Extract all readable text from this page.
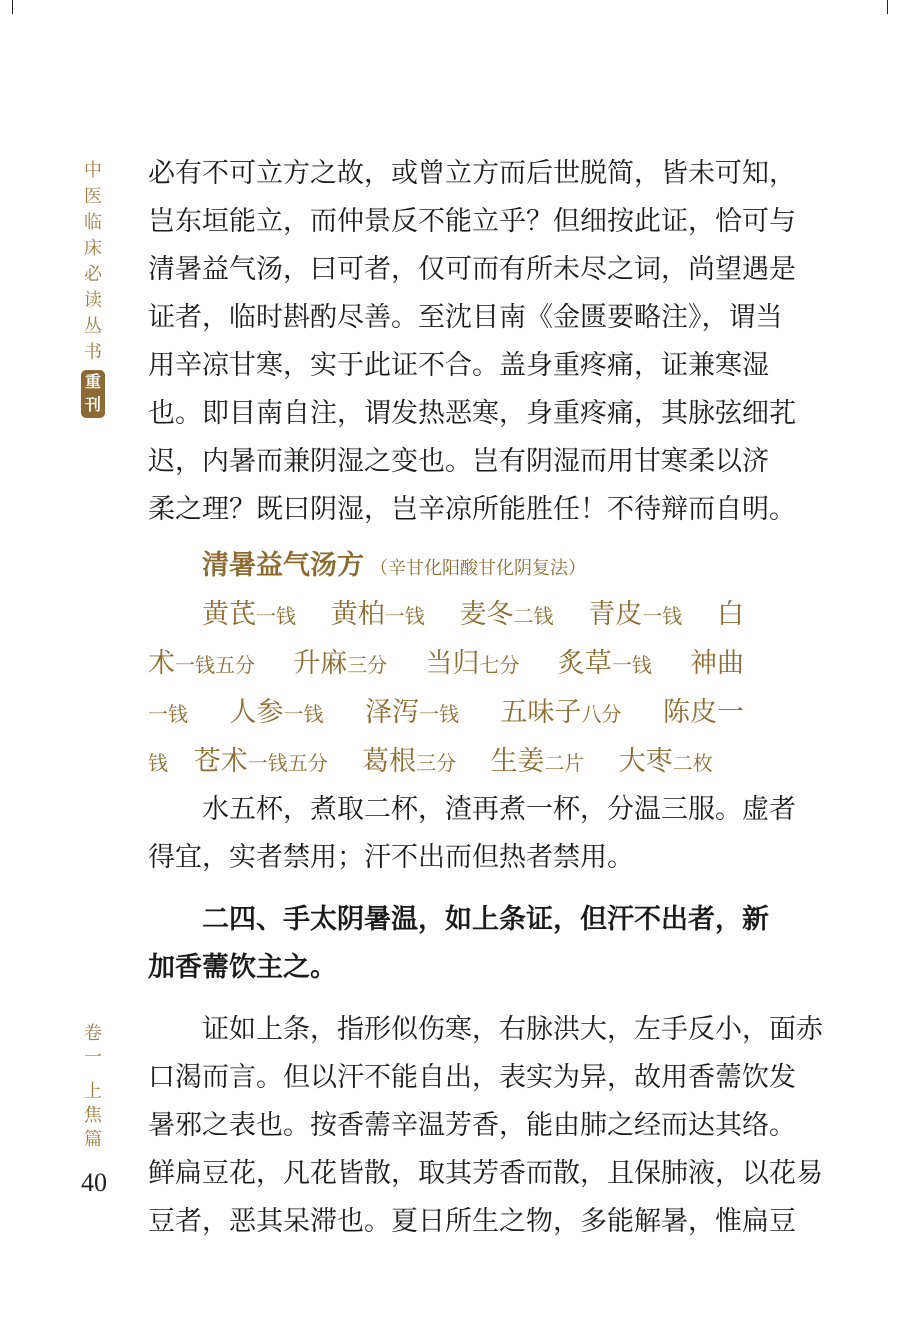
中
医
临
床
必
读
丛
书
重
刊
卷
一
上
焦
篇
40
必有不可立方之故，或曾立方而后世脱简，皆未可知，
岂东垣能立，而仲景反不能立乎？但细按此证，恰可与
清暑益气汤，曰可者，仅可而有所未尽之词，尚望遇是
证者，临时斟酌尽善。至沈目南《金匮要略注》，谓当
用辛凉甘寒，实于此证不合。盖身重疼痛，证兼寒湿
也。即目南自注，谓发热恶寒，身重疼痛，其脉弦细芤
迟，内暑而兼阴湿之变也。岂有阴湿而用甘寒柔以济
柔之理？既曰阴湿，岂辛凉所能胜任！不待辩而自明。
清暑益气汤方 （辛甘化阳酸甘化阴复法）
黄芪一钱 黄柏一钱 麦冬二钱 青皮一钱 白
术一钱五分 升麻三分 当归七分 炙草一钱 神曲
一钱 人参一钱 泽泻一钱 五味子八分 陈皮一
钱 苍术一钱五分 葛根三分 生姜二片 大枣二枚
水五杯，煮取二杯，渣再煮一杯，分温三服。虚者
得宜，实者禁用；汗不出而但热者禁用。
二四、手太阴暑温，如上条证，但汗不出者，新
加香薷饮主之。
证如上条，指形似伤寒，右脉洪大，左手反小，面赤
口渴而言。但以汗不能自出，表实为异，故用香薷饮发
暑邪之表也。按香薷辛温芳香，能由肺之经而达其络。
鲜扁豆花，凡花皆散，取其芳香而散，且保肺液，以花易
豆者，恶其呆滞也。夏日所生之物，多能解暑，惟扁豆
